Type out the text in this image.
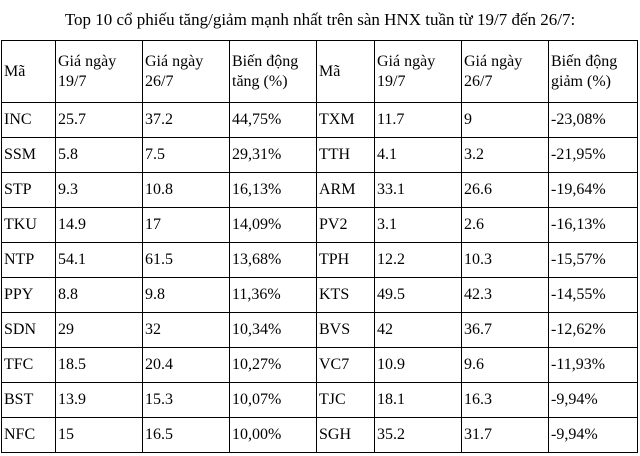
Top 10 cổ phiếu tăng/giảm mạnh nhất trên sàn HNX tuần từ 19/7 đến 26/7:
Mã	Giá ngày 19/7	Giá ngày 26/7	Biến động tăng (%)	Mã	Giá ngày 19/7	Giá ngày 26/7	Biến động giảm (%)
INC	25.7	37.2	44,75%	TXM	11.7	9	-23,08%
SSM	5.8	7.5	29,31%	TTH	4.1	3.2	-21,95%
STP	9.3	10.8	16,13%	ARM	33.1	26.6	-19,64%
TKU	14.9	17	14,09%	PV2	3.1	2.6	-16,13%
NTP	54.1	61.5	13,68%	TPH	12.2	10.3	-15,57%
PPY	8.8	9.8	11,36%	KTS	49.5	42.3	-14,55%
SDN	29	32	10,34%	BVS	42	36.7	-12,62%
TFC	18.5	20.4	10,27%	VC7	10.9	9.6	-11,93%
BST	13.9	15.3	10,07%	TJC	18.1	16.3	-9,94%
NFC	15	16.5	10,00%	SGH	35.2	31.7	-9,94%
